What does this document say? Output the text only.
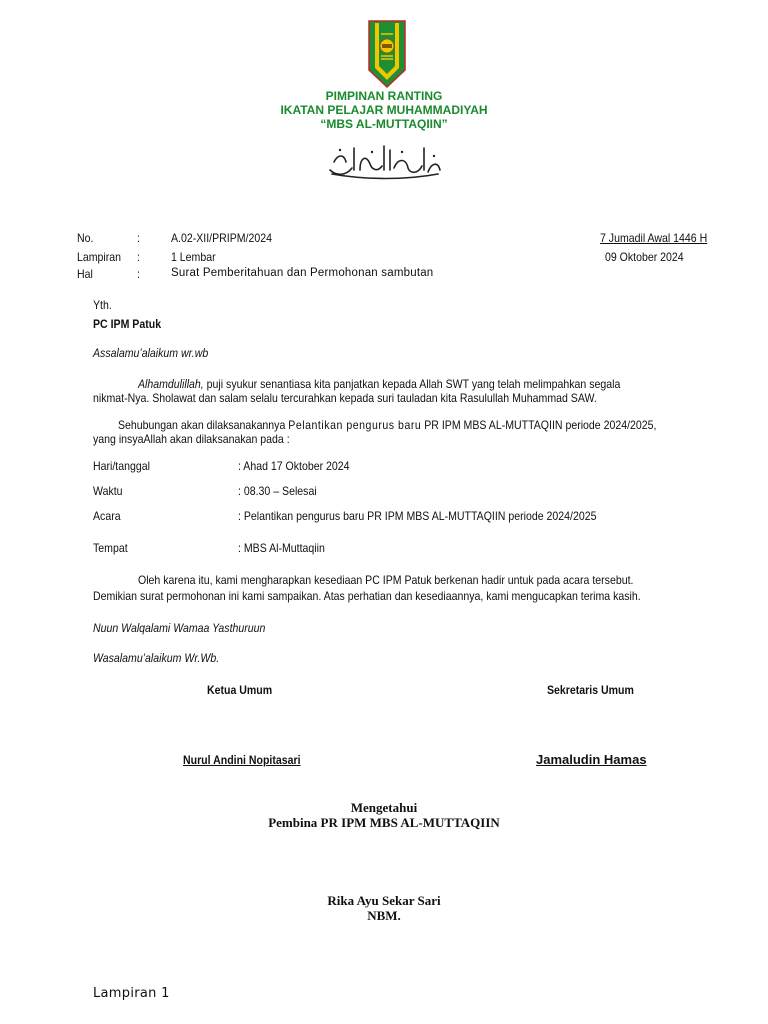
PIMPINAN RANTING
IKATAN PELAJAR MUHAMMADIYAH
“MBS AL-MUTTAQIIN”
No.	:	A.02-XII/PRIPM/2024
Lampiran :	1 Lembar
Hal	:	Surat Pemberitahuan dan Permohonan sambutan
7 Jumadil Awal 1446 H
09 Oktober 2024
Yth.
PC IPM Patuk
Assalamu’alaikum wr.wb
Alhamdulillah, puji syukur senantiasa kita panjatkan kepada Allah SWT yang telah melimpahkan segala
nikmat-Nya. Sholawat dan salam selalu tercurahkan kepada suri tauladan kita Rasulullah Muhammad SAW.
Sehubungan akan dilaksanakannya Pelantikan pengurus baru PR IPM MBS AL-MUTTAQIIN periode 2024/2025,
yang insyaAllah akan dilaksanakan pada :
Hari/tanggal	: Ahad 17 Oktober 2024
Waktu	: 08.30 – Selesai
Acara	: Pelantikan pengurus baru PR IPM MBS AL-MUTTAQIIN periode 2024/2025
Tempat	: MBS Al-Muttaqiin
Oleh karena itu, kami mengharapkan kesediaan PC IPM Patuk berkenan hadir untuk pada acara tersebut.
Demikian surat permohonan ini kami sampaikan. Atas perhatian dan kesediaannya, kami mengucapkan terima kasih.
Nuun Walqalami Wamaa Yasthuruun
Wasalamu’alaikum Wr.Wb.
Ketua Umum	Sekretaris Umum
Nurul Andini Nopitasari	Jamaludin Hamas
Mengetahui
Pembina PR IPM MBS AL-MUTTAQIIN
Rika Ayu Sekar Sari
NBM.
Lampiran 1
